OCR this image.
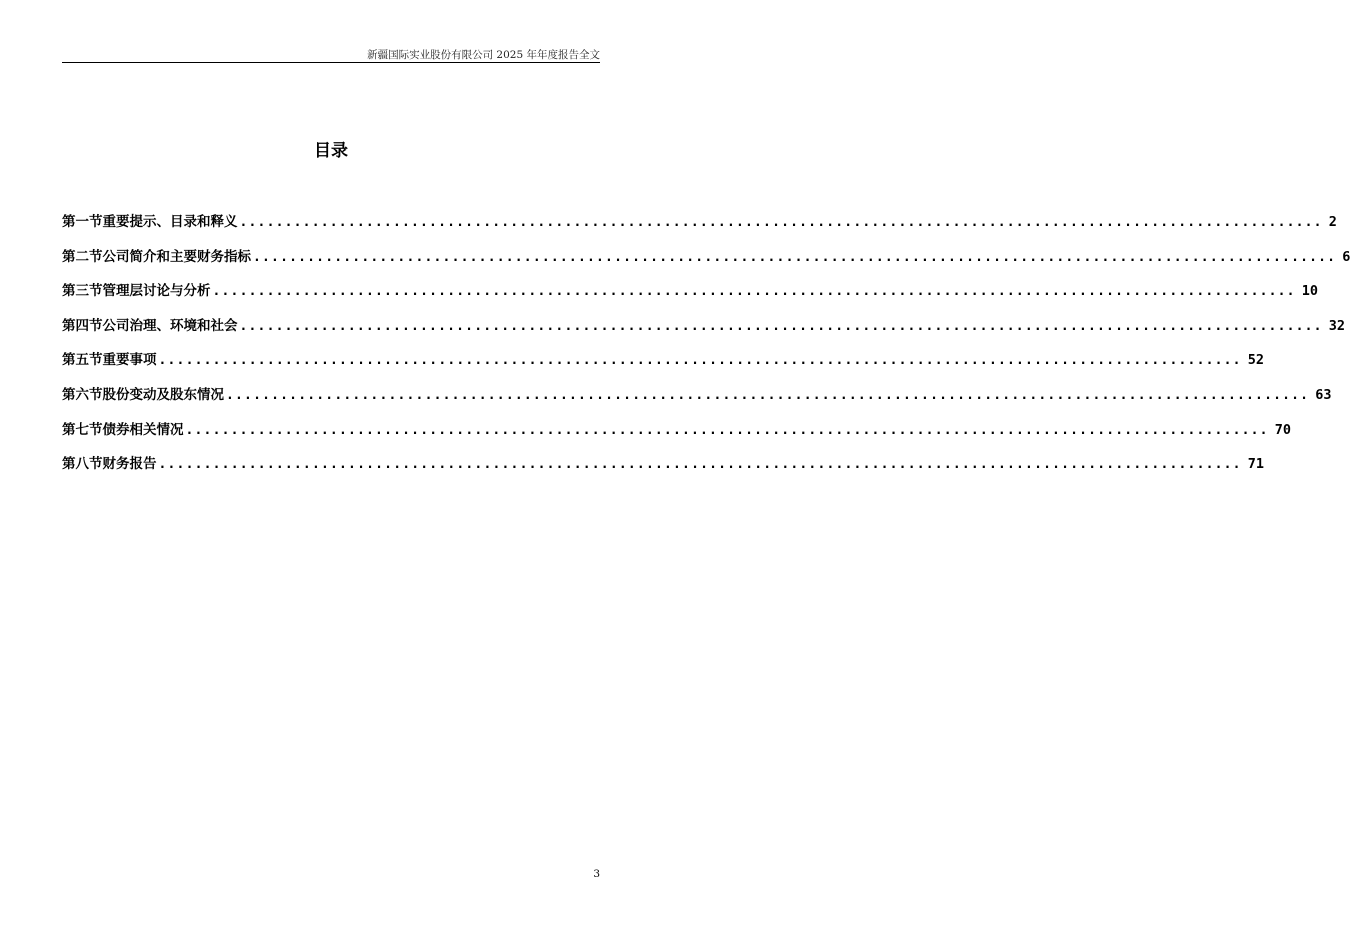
新疆国际实业股份有限公司 2025 年年度报告全文
目录
第一节 重要提示、目录和释义 ........................................................................................................................ 2
第二节 公司简介和主要财务指标 ........................................................................................................................ 6
第三节 管理层讨论与分析 ........................................................................................................................ 10
第四节 公司治理、环境和社会 ........................................................................................................................ 32
第五节 重要事项 ........................................................................................................................ 52
第六节 股份变动及股东情况 ........................................................................................................................ 63
第七节 债券相关情况 ........................................................................................................................ 70
第八节 财务报告 ........................................................................................................................ 71
3
